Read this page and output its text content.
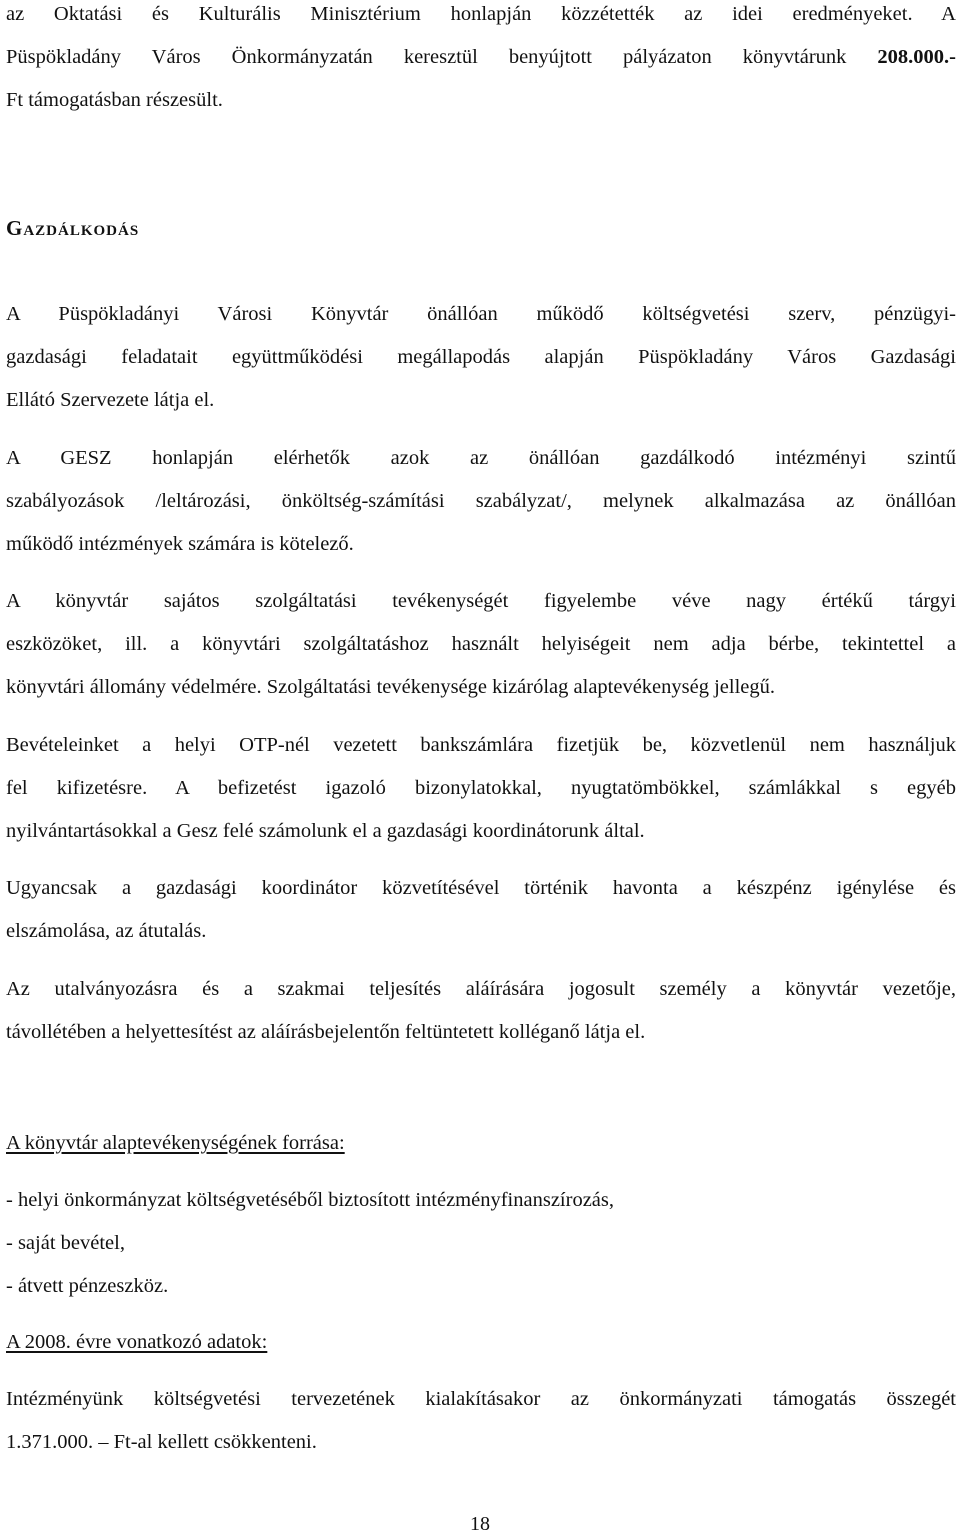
az Oktatási és Kulturális Minisztérium honlapján közzétették az idei eredményeket. A
Püspökladány Város Önkormányzatán keresztül benyújtott pályázaton könyvtárunk 208.000.-
Ft támogatásban részesült.
Gazdálkodás
A Püspökladányi Városi Könyvtár önállóan működő költségvetési szerv, pénzügyi-
gazdasági feladatait együttműködési megállapodás alapján Püspökladány Város Gazdasági
Ellátó Szervezete látja el.
A GESZ honlapján elérhetők azok az önállóan gazdálkodó intézményi szintű
szabályozások /leltározási, önköltség-számítási szabályzat/, melynek alkalmazása az önállóan
működő intézmények számára is kötelező.
A könyvtár sajátos szolgáltatási tevékenységét figyelembe véve nagy értékű tárgyi
eszközöket, ill. a könyvtári szolgáltatáshoz használt helyiségeit nem adja bérbe, tekintettel a
könyvtári állomány védelmére. Szolgáltatási tevékenysége kizárólag alaptevékenység jellegű.
Bevételeinket a helyi OTP-nél vezetett bankszámlára fizetjük be, közvetlenül nem használjuk
fel kifizetésre. A befizetést igazoló bizonylatokkal, nyugtatömbökkel, számlákkal s egyéb
nyilvántartásokkal a Gesz felé számolunk el a gazdasági koordinátorunk által.
Ugyancsak a gazdasági koordinátor közvetítésével történik havonta a készpénz igénylése és
elszámolása, az átutalás.
Az utalványozásra és a szakmai teljesítés aláírására jogosult személy a könyvtár vezetője,
távollétében a helyettesítést az aláírásbejelentőn feltüntetett kolléganő látja el.
A könyvtár alaptevékenységének forrása:
- helyi önkormányzat költségvetéséből biztosított intézményfinanszírozás,
- saját bevétel,
- átvett pénzeszköz.
A 2008. évre vonatkozó adatok:
Intézményünk költségvetési tervezetének kialakításakor az önkormányzati támogatás összegét
1.371.000. – Ft-al kellett csökkenteni.
18
